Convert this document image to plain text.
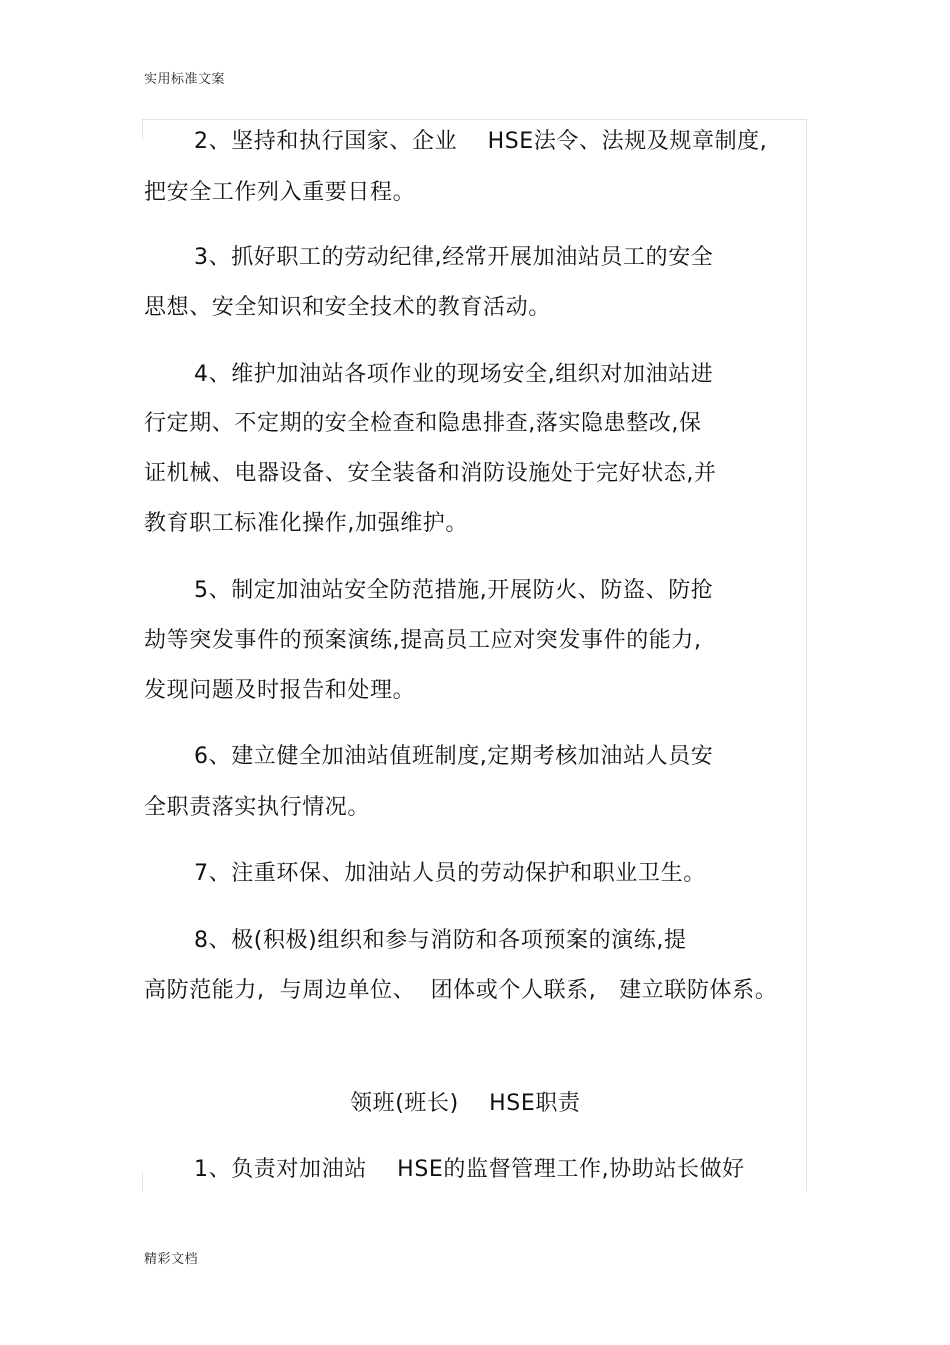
实用标准文案
2、坚持和执行国家、企业    HSE法令、法规及规章制度,
把安全工作列入重要日程。
3、抓好职工的劳动纪律,经常开展加油站员工的安全
思想、安全知识和安全技术的教育活动。
4、维护加油站各项作业的现场安全,组织对加油站进
行定期、不定期的安全检查和隐患排查,落实隐患整改,保
证机械、电器设备、安全装备和消防设施处于完好状态,并
教育职工标准化操作,加强维护。
5、制定加油站安全防范措施,开展防火、防盗、防抢
劫等突发事件的预案演练,提高员工应对突发事件的能力,
发现问题及时报告和处理。
6、建立健全加油站值班制度,定期考核加油站人员安
全职责落实执行情况。
7、注重环保、加油站人员的劳动保护和职业卫生。
8、极(积极)组织和参与消防和各项预案的演练,提
高防范能力,  与周边单位、  团体或个人联系,   建立联防体系。
领班(班长)    HSE职责
1、负责对加油站    HSE的监督管理工作,协助站长做好
精彩文档
